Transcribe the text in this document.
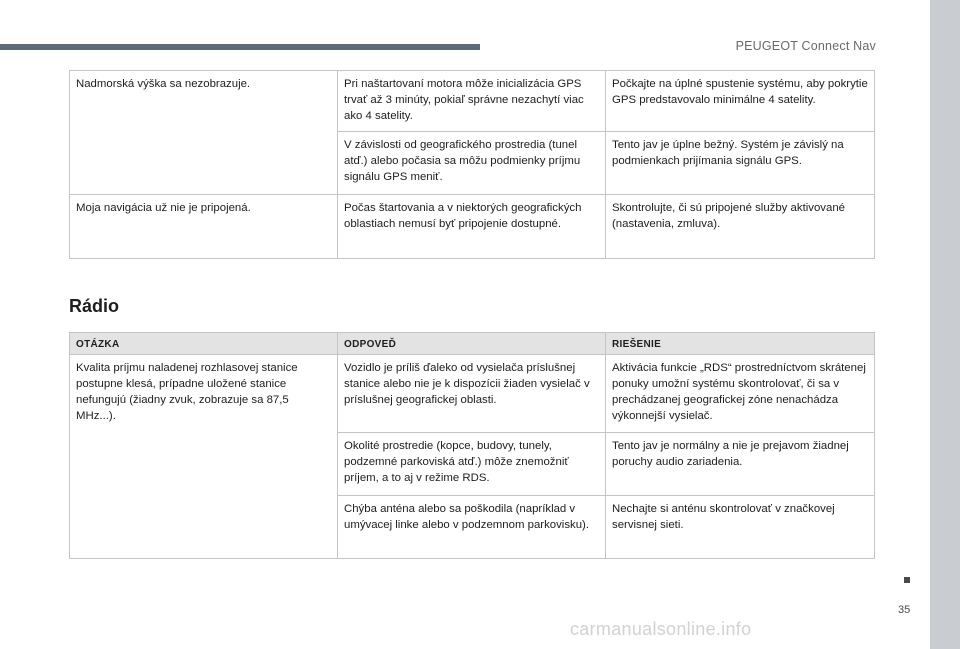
PEUGEOT Connect Nav
Nadmorská výška sa nezobrazuje.	Pri naštartovaní motora môže inicializácia GPS trvať až 3 minúty, pokiaľ správne nezachytí viac ako 4 satelity.	Počkajte na úplné spustenie systému, aby pokrytie GPS predstavovalo minimálne 4 satelity.
	V závislosti od geografického prostredia (tunel atď.) alebo počasia sa môžu podmienky príjmu signálu GPS meniť.	Tento jav je úplne bežný. Systém je závislý na podmienkach prijímania signálu GPS.
Moja navigácia už nie je pripojená.	Počas štartovania a v niektorých geografických oblastiach nemusí byť pripojenie dostupné.	Skontrolujte, či sú pripojené služby aktivované (nastavenia, zmluva).
Rádio
OTÁZKA	ODPOVEĎ	RIEŠENIE
Kvalita príjmu naladenej rozhlasovej stanice postupne klesá, prípadne uložené stanice nefungujú (žiadny zvuk, zobrazuje sa 87,5 MHz...).	Vozidlo je príliš ďaleko od vysielača príslušnej stanice alebo nie je k dispozícii žiaden vysielač v príslušnej geografickej oblasti.	Aktivácia funkcie „RDS“ prostredníctvom skrátenej ponuky umožní systému skontrolovať, či sa v prechádzanej geografickej zóne nenachádza výkonnejší vysielač.
	Okolité prostredie (kopce, budovy, tunely, podzemné parkoviská atď.) môže znemožniť príjem, a to aj v režime RDS.	Tento jav je normálny a nie je prejavom žiadnej poruchy audio zariadenia.
	Chýba anténa alebo sa poškodila (napríklad v umývacej linke alebo v podzemnom parkovisku).	Nechajte si anténu skontrolovať v značkovej servisnej sieti.
35
carmanualsonline.info
